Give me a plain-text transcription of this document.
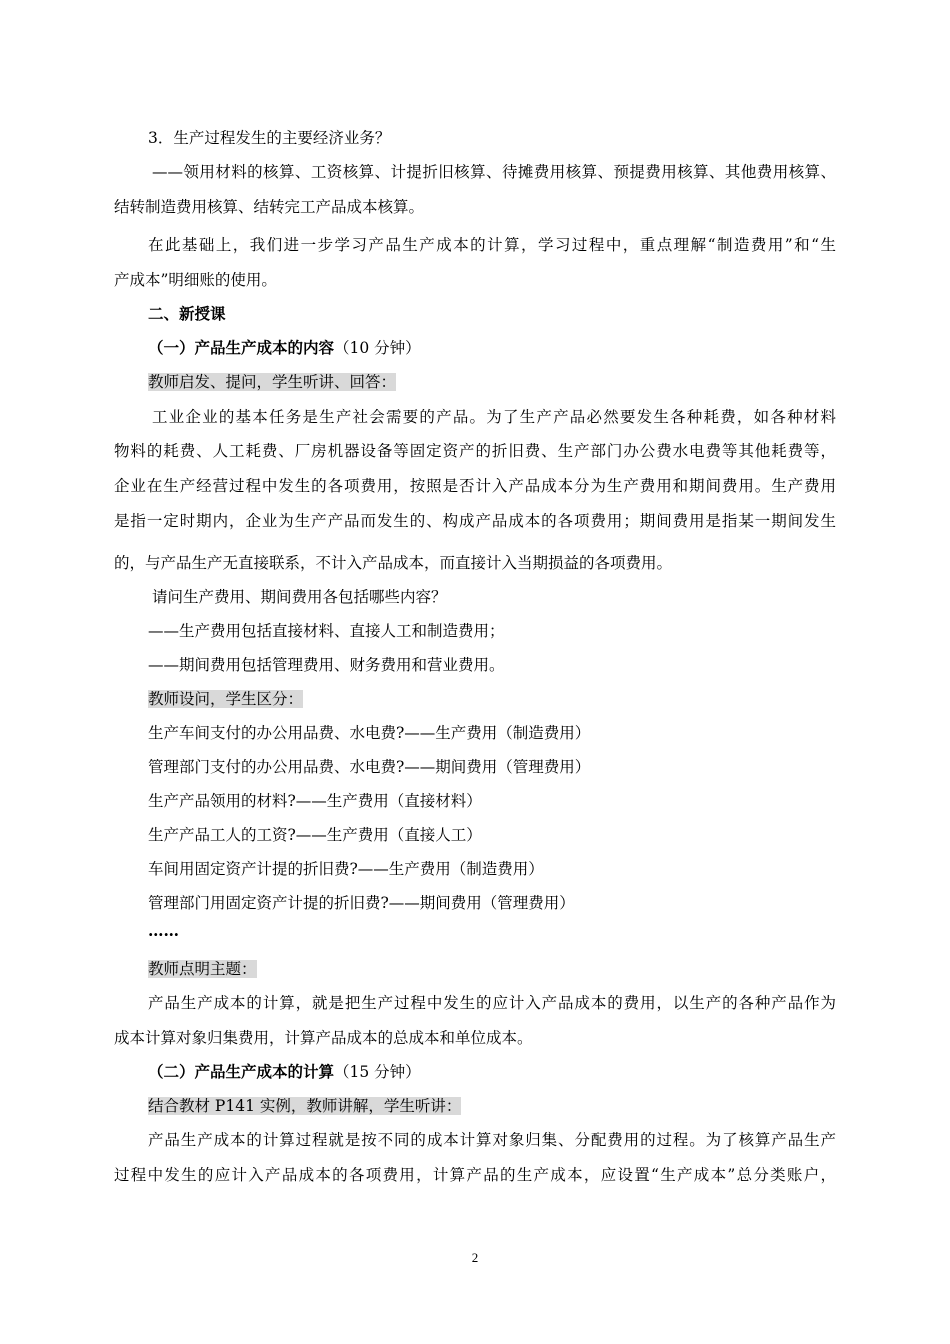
3．生产过程发生的主要经济业务？
——领用材料的核算、工资核算、计提折旧核算、待摊费用核算、预提费用核算、其他费用核算、
结转制造费用核算、结转完工产品成本核算。
在此基础上，我们进一步学习产品生产成本的计算，学习过程中，重点理解“制造费用”和“生
产成本”明细账的使用。
二、新授课
（一）产品生产成本的内容（10 分钟）
教师启发、提问，学生听讲、回答：
工业企业的基本任务是生产社会需要的产品。为了生产产品必然要发生各种耗费，如各种材料
物料的耗费、人工耗费、厂房机器设备等固定资产的折旧费、生产部门办公费水电费等其他耗费等，
企业在生产经营过程中发生的各项费用，按照是否计入产品成本分为生产费用和期间费用。生产费用
是指一定时期内，企业为生产产品而发生的、构成产品成本的各项费用；期间费用是指某一期间发生
的，与产品生产无直接联系，不计入产品成本，而直接计入当期损益的各项费用。
请问生产费用、期间费用各包括哪些内容？
——生产费用包括直接材料、直接人工和制造费用；
——期间费用包括管理费用、财务费用和营业费用。
教师设问，学生区分：
生产车间支付的办公用品费、水电费?——生产费用（制造费用）
管理部门支付的办公用品费、水电费?——期间费用（管理费用）
生产产品领用的材料?——生产费用（直接材料）
生产产品工人的工资?——生产费用（直接人工）
车间用固定资产计提的折旧费?——生产费用（制造费用）
管理部门用固定资产计提的折旧费?——期间费用（管理费用）
……
教师点明主题：
产品生产成本的计算，就是把生产过程中发生的应计入产品成本的费用，以生产的各种产品作为
成本计算对象归集费用，计算产品成本的总成本和单位成本。
（二）产品生产成本的计算（15 分钟）
结合教材 P141 实例，教师讲解，学生听讲：
产品生产成本的计算过程就是按不同的成本计算对象归集、分配费用的过程。为了核算产品生产
过程中发生的应计入产品成本的各项费用，计算产品的生产成本，应设置“生产成本”总分类账户，
2
